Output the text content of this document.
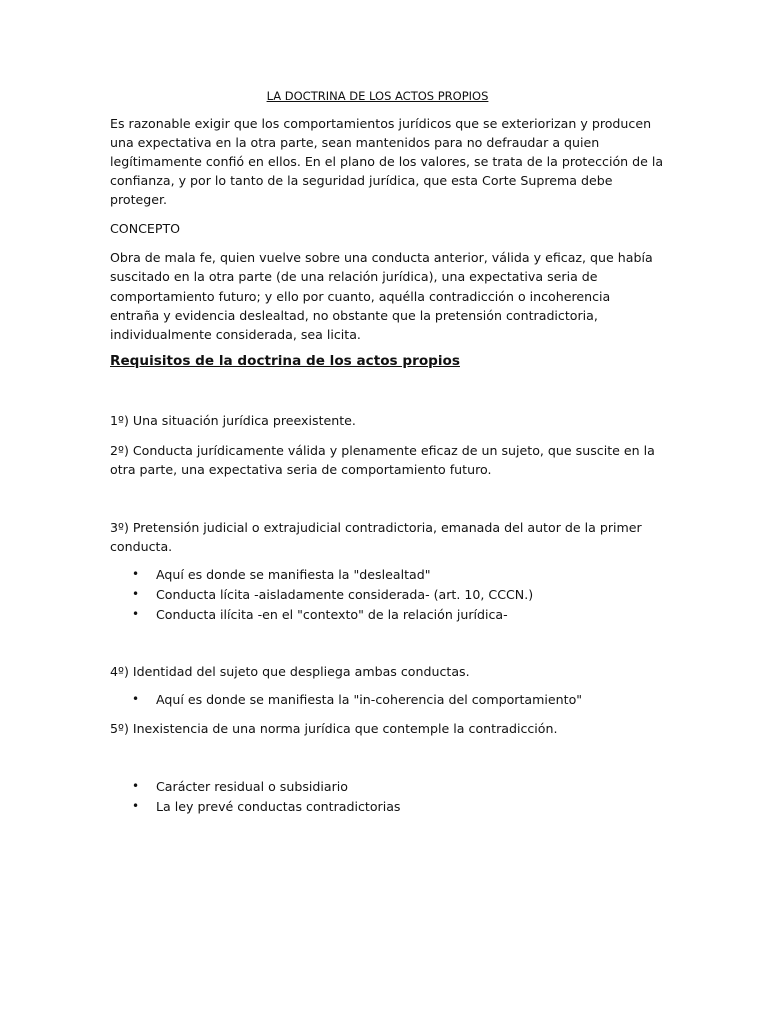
LA DOCTRINA DE LOS ACTOS PROPIOS

Es razonable exigir que los comportamientos jurídicos que se exteriorizan y producen

una expectativa en la otra parte, sean mantenidos para no defraudar a quien

legítimamente confió en ellos. En el plano de los valores, se trata de la protección de la

confianza, y por lo tanto de la seguridad jurídica, que esta Corte Suprema debe

proteger.

CONCEPTO

Obra de mala fe, quien vuelve sobre una conducta anterior, válida y eficaz, que había

suscitado en la otra parte (de una relación jurídica), una expectativa seria de

comportamiento futuro; y ello por cuanto, aquélla contradicción o incoherencia

entraña y evidencia deslealtad, no obstante que la pretensión contradictoria,

individualmente considerada, sea licita.

Requisitos de la doctrina de los actos propios

1º) Una situación jurídica preexistente.

2º) Conducta jurídicamente válida y plenamente eficaz de un sujeto, que suscite en la

otra parte, una expectativa seria de comportamiento futuro.

3º) Pretensión judicial o extrajudicial contradictoria, emanada del autor de la primer

conducta.

• Aquí es donde se manifiesta la "deslealtad"
• Conducta lícita -aisladamente considerada- (art. 10, CCCN.)
• Conducta ilícita -en el "contexto" de la relación jurídica-

4º) Identidad del sujeto que despliega ambas conductas.

• Aquí es donde se manifiesta la "in-coherencia del comportamiento"

5º) Inexistencia de una norma jurídica que contemple la contradicción.

• Carácter residual o subsidiario
• La ley prevé conductas contradictorias
